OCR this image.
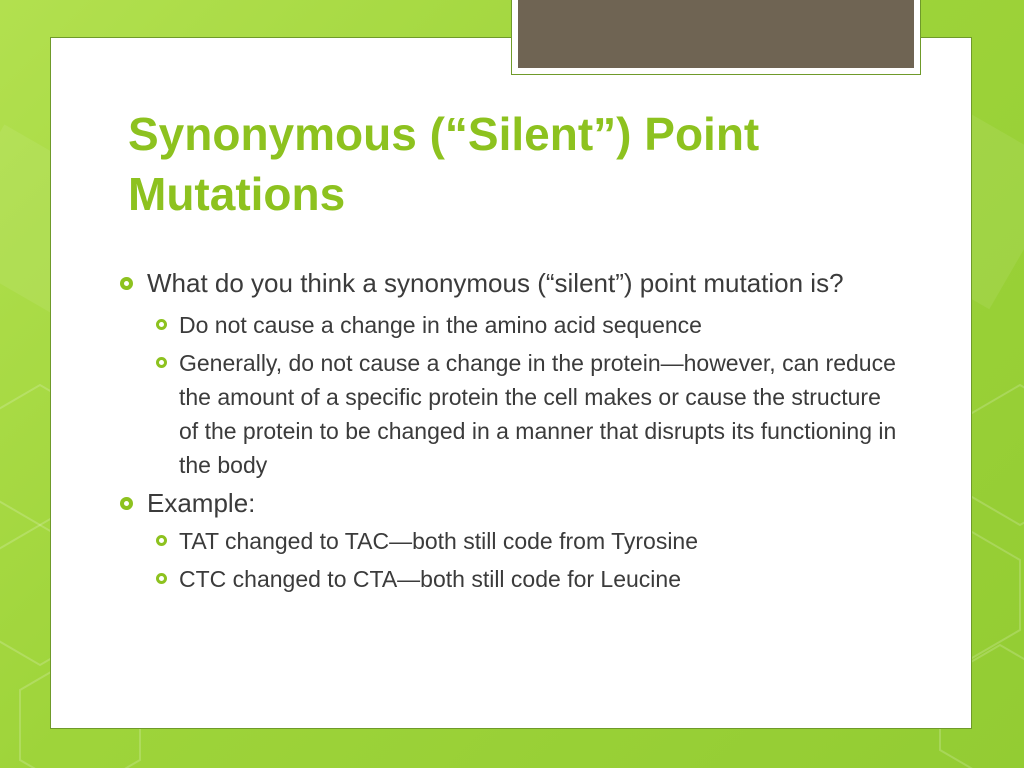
Synonymous (“Silent”) Point Mutations
What do you think a synonymous (“silent”) point mutation is?
Do not cause a change in the amino acid sequence
Generally, do not cause a change in the protein—however, can reduce the amount of a specific protein the cell makes or cause the structure of the protein to be changed in a manner that disrupts its functioning in the body
Example:
TAT changed to TAC—both still code from Tyrosine
CTC changed to CTA—both still code for Leucine
